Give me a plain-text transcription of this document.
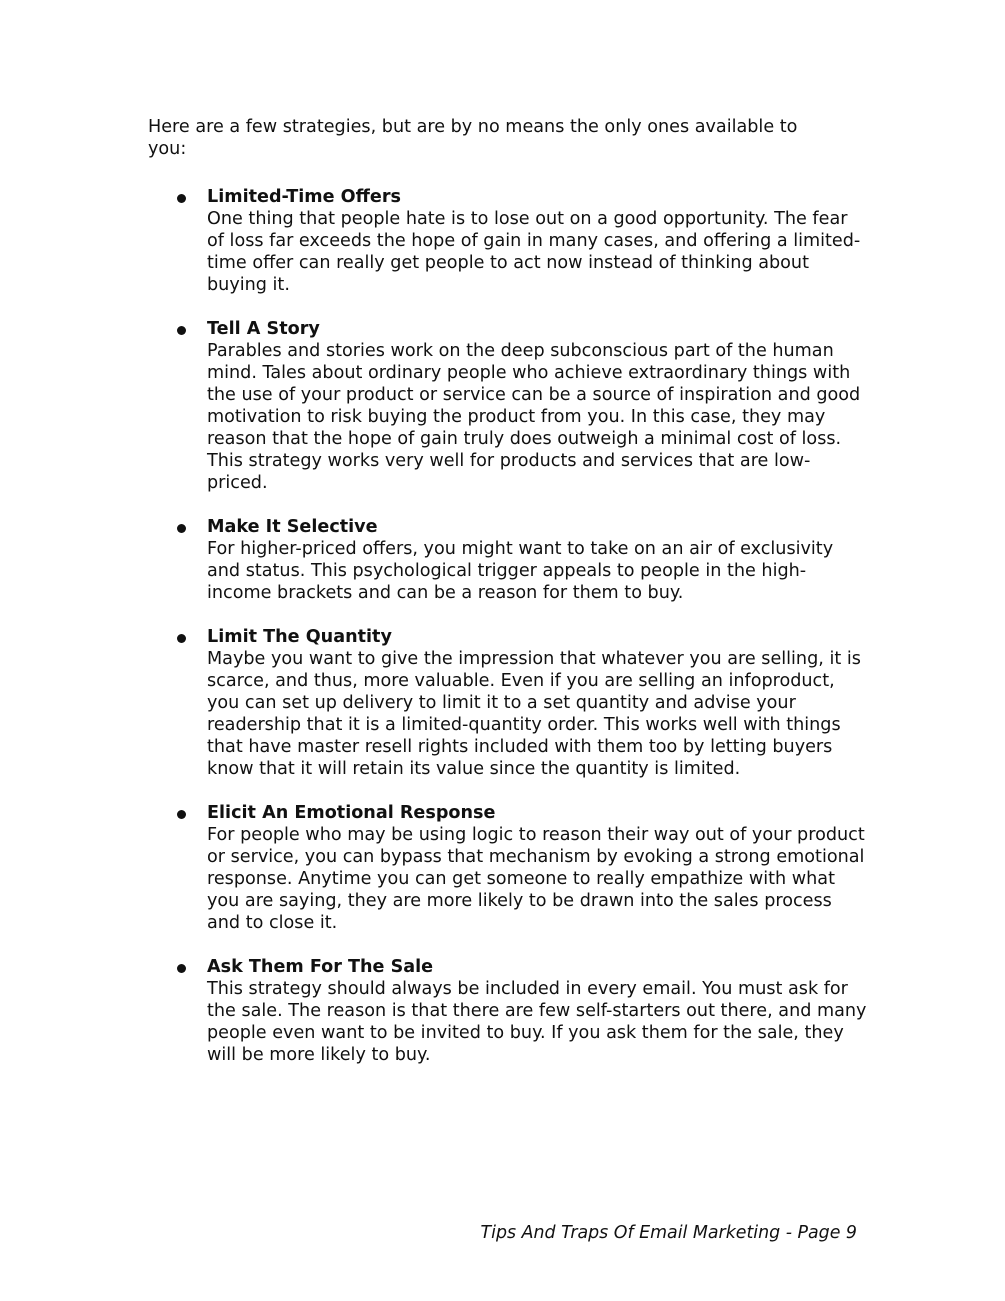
Here are a few strategies, but are by no means the only ones available to you:

Limited-Time Offers

One thing that people hate is to lose out on a good opportunity. The fear of loss far exceeds the hope of gain in many cases, and offering a limited-time offer can really get people to act now instead of thinking about buying it.

Tell A Story

Parables and stories work on the deep subconscious part of the human mind. Tales about ordinary people who achieve extraordinary things with the use of your product or service can be a source of inspiration and good motivation to risk buying the product from you. In this case, they may reason that the hope of gain truly does outweigh a minimal cost of loss. This strategy works very well for products and services that are low-priced.

Make It Selective

For higher-priced offers, you might want to take on an air of exclusivity and status. This psychological trigger appeals to people in the high-income brackets and can be a reason for them to buy.

Limit The Quantity

Maybe you want to give the impression that whatever you are selling, it is scarce, and thus, more valuable. Even if you are selling an infoproduct, you can set up delivery to limit it to a set quantity and advise your readership that it is a limited-quantity order. This works well with things that have master resell rights included with them too by letting buyers know that it will retain its value since the quantity is limited.

Elicit An Emotional Response

For people who may be using logic to reason their way out of your product or service, you can bypass that mechanism by evoking a strong emotional response. Anytime you can get someone to really empathize with what you are saying, they are more likely to be drawn into the sales process and to close it.

Ask Them For The Sale

This strategy should always be included in every email. You must ask for the sale. The reason is that there are few self-starters out there, and many people even want to be invited to buy. If you ask them for the sale, they will be more likely to buy.

Tips And Traps Of Email Marketing - Page 9
